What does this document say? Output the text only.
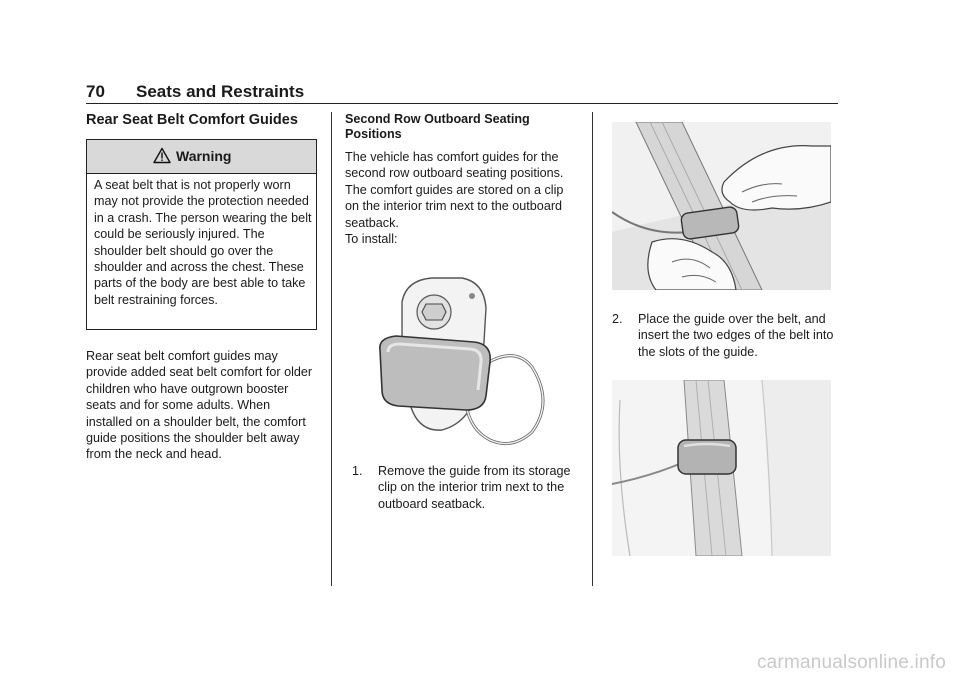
70 Seats and Restraints
Rear Seat Belt Comfort Guides
Warning
A seat belt that is not properly worn may not provide the protection needed in a crash. The person wearing the belt could be seriously injured. The shoulder belt should go over the shoulder and across the chest. These parts of the body are best able to take belt restraining forces.
Rear seat belt comfort guides may provide added seat belt comfort for older children who have outgrown booster seats and for some adults. When installed on a shoulder belt, the comfort guide positions the shoulder belt away from the neck and head.
Second Row Outboard Seating Positions
The vehicle has comfort guides for the second row outboard seating positions. The comfort guides are stored on a clip on the interior trim next to the outboard seatback.
To install:
1.	Remove the guide from its storage clip on the interior trim next to the outboard seatback.
2.	Place the guide over the belt, and insert the two edges of the belt into the slots of the guide.
carmanualsonline.info
